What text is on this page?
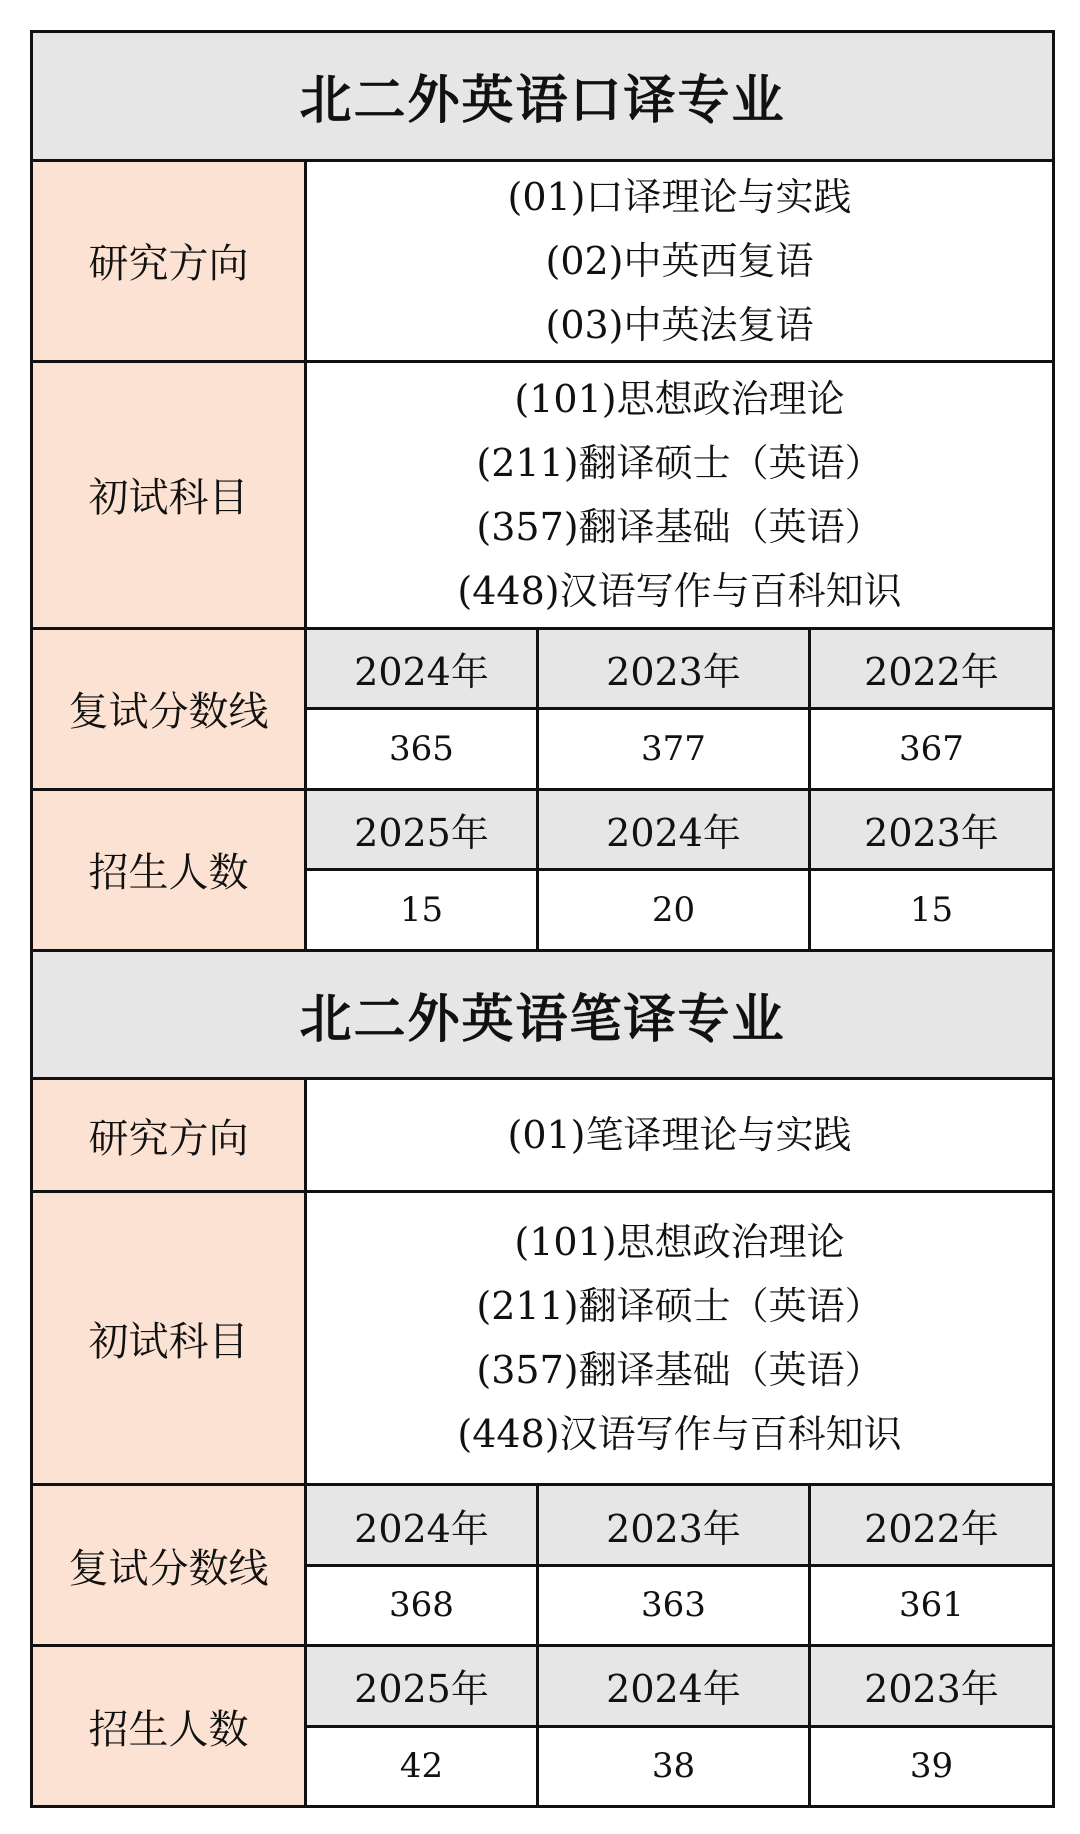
北二外英语口译专业			
研究方向	(01)口译理论与实践
(02)中英西复语
(03)中英法复语		

初试科目	(101)思想政治理论
(211)翻译硕士（英语）
(357)翻译基础（英语）
(448)汉语写作与百科知识		

复试分数线	2024年	2023年	2022年
	365	377	367
招生人数	2025年	2024年	2023年
	15	20	15
北二外英语笔译专业			
研究方向	(01)笔译理论与实践		

初试科目	(101)思想政治理论
(211)翻译硕士（英语）
(357)翻译基础（英语）
(448)汉语写作与百科知识		

复试分数线	2024年	2023年	2022年
	368	363	361
招生人数	2025年	2024年	2023年
	42	38	39
